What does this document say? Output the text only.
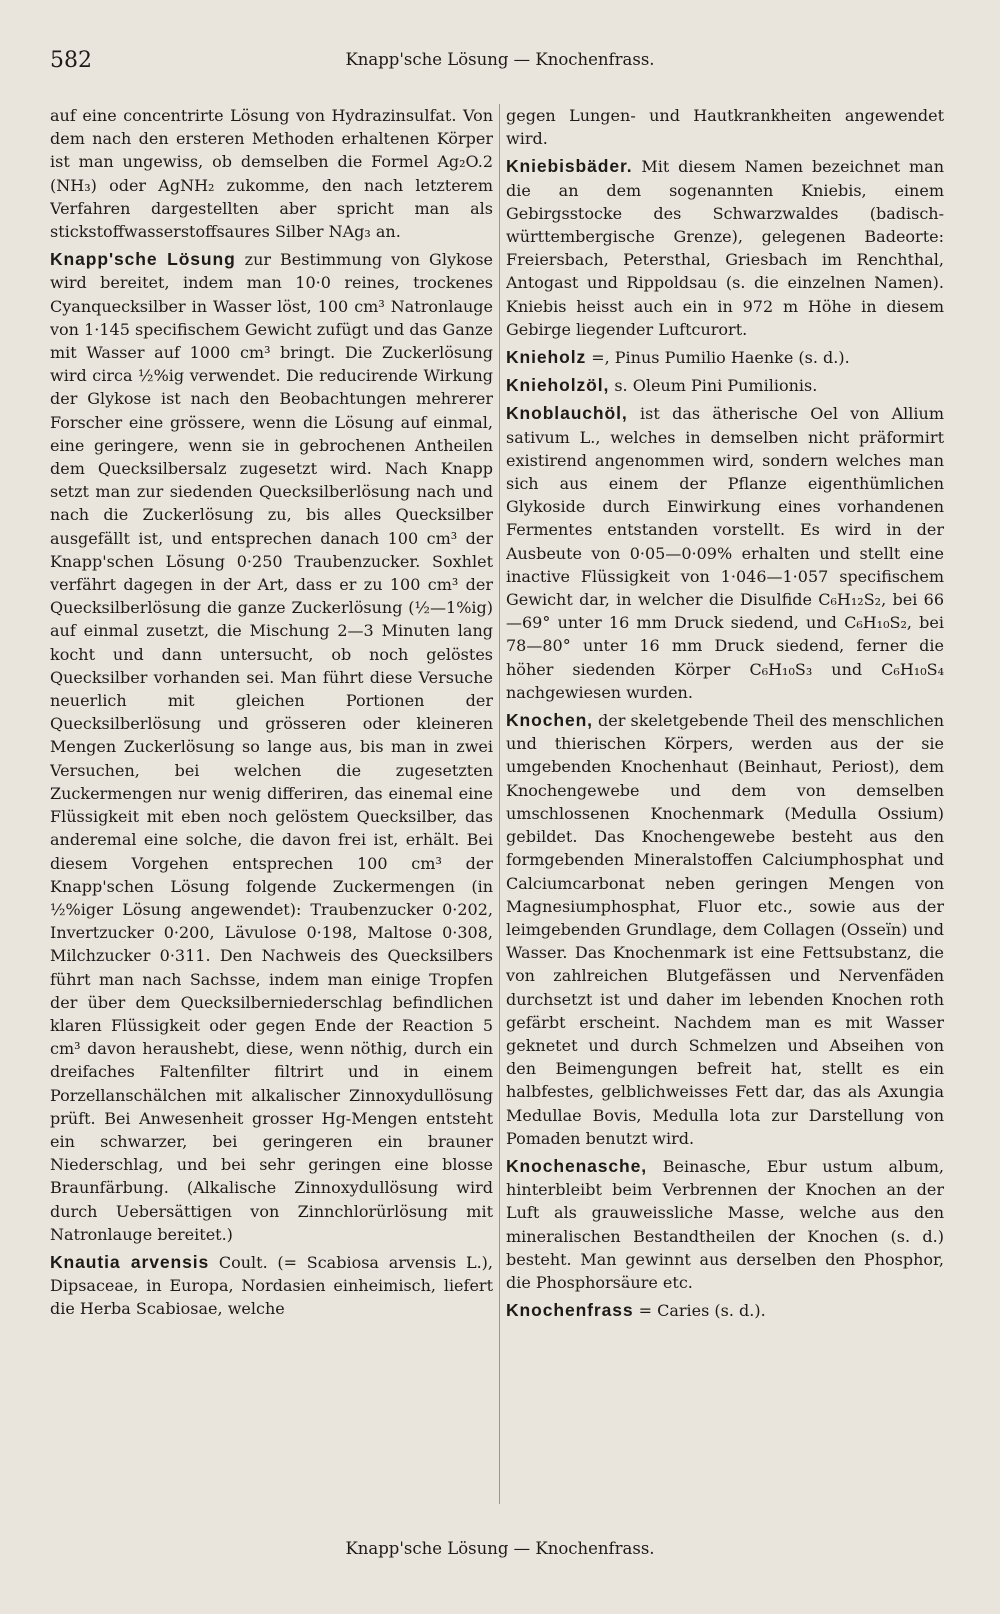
582	Knapp'sche Lösung — Knochenfrass.

auf eine concentrirte Lösung von Hydrazinsulfat. Von dem nach den ersteren Methoden erhaltenen Körper ist man ungewiss, ob demselben die Formel Ag₂O.2 (NH₃) oder AgNH₂ zukomme, den nach letzterem Verfahren dargestellten aber spricht man als stickstoffwasserstoffsaures Silber NAg₃ an.

Knapp'sche Lösung zur Bestimmung von Glykose wird bereitet, indem man 10·0 reines, trockenes Cyanquecksilber in Wasser löst, 100 cm³ Natronlauge von 1·145 specifischem Gewicht zufügt und das Ganze mit Wasser auf 1000 cm³ bringt. Die Zuckerlösung wird circa ½%ig verwendet. Die reducirende Wirkung der Glykose ist nach den Beobachtungen mehrerer Forscher eine grössere, wenn die Lösung auf einmal, eine geringere, wenn sie in gebrochenen Antheilen dem Quecksilbersalz zugesetzt wird. Nach Knapp setzt man zur siedenden Quecksilberlösung nach und nach die Zuckerlösung zu, bis alles Quecksilber ausgefällt ist, und entsprechen danach 100 cm³ der Knapp'schen Lösung 0·250 Traubenzucker. Soxhlet verfährt dagegen in der Art, dass er zu 100 cm³ der Quecksilberlösung die ganze Zuckerlösung (½—1%ig) auf einmal zusetzt, die Mischung 2—3 Minuten lang kocht und dann untersucht, ob noch gelöstes Quecksilber vorhanden sei. Man führt diese Versuche neuerlich mit gleichen Portionen der Quecksilberlösung und grösseren oder kleineren Mengen Zuckerlösung so lange aus, bis man in zwei Versuchen, bei welchen die zugesetzten Zuckermengen nur wenig differiren, das einemal eine Flüssigkeit mit eben noch gelöstem Quecksilber, das anderemal eine solche, die davon frei ist, erhält. Bei diesem Vorgehen entsprechen 100 cm³ der Knapp'schen Lösung folgende Zuckermengen (in ½%iger Lösung angewendet): Traubenzucker 0·202, Invertzucker 0·200, Lävulose 0·198, Maltose 0·308, Milchzucker 0·311. Den Nachweis des Quecksilbers führt man nach Sachsse, indem man einige Tropfen der über dem Quecksilberniederschlag befindlichen klaren Flüssigkeit oder gegen Ende der Reaction 5 cm³ davon heraushebt, diese, wenn nöthig, durch ein dreifaches Faltenfilter filtrirt und in einem Porzellanschälchen mit alkalischer Zinnoxydullösung prüft. Bei Anwesenheit grosser Hg-Mengen entsteht ein schwarzer, bei geringeren ein brauner Niederschlag, und bei sehr geringen eine blosse Braunfärbung. (Alkalische Zinnoxydullösung wird durch Uebersättigen von Zinnchlorürlösung mit Natronlauge bereitet.)

Knautia arvensis Coult. (= Scabiosa arvensis L.), Dipsaceae, in Europa, Nordasien einheimisch, liefert die Herba Scabiosae, welche

gegen Lungen- und Hautkrankheiten angewendet wird.

Kniebisbäder. Mit diesem Namen bezeichnet man die an dem sogenannten Kniebis, einem Gebirgsstocke des Schwarzwaldes (badisch-württembergische Grenze), gelegenen Badeorte: Freiersbach, Petersthal, Griesbach im Renchthal, Antogast und Rippoldsau (s. die einzelnen Namen). Kniebis heisst auch ein in 972 m Höhe in diesem Gebirge liegender Luftcurort.

Knieholz =, Pinus Pumilio Haenke (s. d.).

Knieholzöl, s. Oleum Pini Pumilionis.

Knoblauchöl, ist das ätherische Oel von Allium sativum L., welches in demselben nicht präformirt existirend angenommen wird, sondern welches man sich aus einem der Pflanze eigenthümlichen Glykoside durch Einwirkung eines vorhandenen Fermentes entstanden vorstellt. Es wird in der Ausbeute von 0·05—0·09% erhalten und stellt eine inactive Flüssigkeit von 1·046—1·057 specifischem Gewicht dar, in welcher die Disulfide C₆H₁₂S₂, bei 66—69° unter 16 mm Druck siedend, und C₆H₁₀S₂, bei 78—80° unter 16 mm Druck siedend, ferner die höher siedenden Körper C₆H₁₀S₃ und C₆H₁₀S₄ nachgewiesen wurden.

Knochen, der skeletgebende Theil des menschlichen und thierischen Körpers, werden aus der sie umgebenden Knochenhaut (Beinhaut, Periost), dem Knochengewebe und dem von demselben umschlossenen Knochenmark (Medulla Ossium) gebildet. Das Knochengewebe besteht aus den formgebenden Mineralstoffen Calciumphosphat und Calciumcarbonat neben geringen Mengen von Magnesiumphosphat, Fluor etc., sowie aus der leimgebenden Grundlage, dem Collagen (Osseïn) und Wasser. Das Knochenmark ist eine Fettsubstanz, die von zahlreichen Blutgefässen und Nervenfäden durchsetzt ist und daher im lebenden Knochen roth gefärbt erscheint. Nachdem man es mit Wasser geknetet und durch Schmelzen und Abseihen von den Beimengungen befreit hat, stellt es ein halbfestes, gelblichweisses Fett dar, das als Axungia Medullae Bovis, Medulla lota zur Darstellung von Pomaden benutzt wird.

Knochenasche, Beinasche, Ebur ustum album, hinterbleibt beim Verbrennen der Knochen an der Luft als grauweissliche Masse, welche aus den mineralischen Bestandtheilen der Knochen (s. d.) besteht. Man gewinnt aus derselben den Phosphor, die Phosphorsäure etc.

Knochenfrass = Caries (s. d.).

Knapp'sche Lösung — Knochenfrass.
